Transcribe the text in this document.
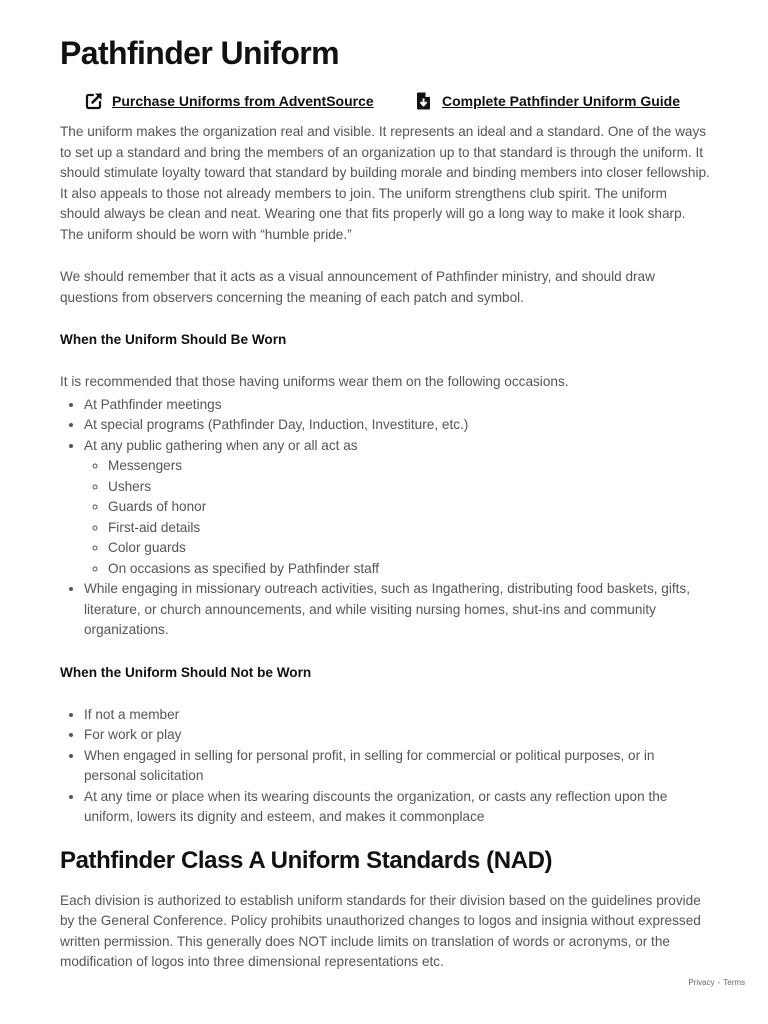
Pathfinder Uniform
Purchase Uniforms from AdventSource	Complete Pathfinder Uniform Guide

The uniform makes the organization real and visible. It represents an ideal and a standard. One of the ways to set up a standard and bring the members of an organization up to that standard is through the uniform. It should stimulate loyalty toward that standard by building morale and binding members into closer fellowship. It also appeals to those not already members to join. The uniform strengthens club spirit. The uniform should always be clean and neat. Wearing one that fits properly will go a long way to make it look sharp. The uniform should be worn with “humble pride.”

We should remember that it acts as a visual announcement of Pathfinder ministry, and should draw questions from observers concerning the meaning of each patch and symbol.

When the Uniform Should Be Worn

It is recommended that those having uniforms wear them on the following occasions.

• At Pathfinder meetings
• At special programs (Pathfinder Day, Induction, Investiture, etc.)
• At any public gathering when any or all act as
◦ Messengers
◦ Ushers
◦ Guards of honor
◦ First-aid details
◦ Color guards
◦ On occasions as specified by Pathfinder staff
• While engaging in missionary outreach activities, such as Ingathering, distributing food baskets, gifts, literature, or church announcements, and while visiting nursing homes, shut-ins and community organizations.
When the Uniform Should Not be Worn
• If not a member
• For work or play
• When engaged in selling for personal profit, in selling for commercial or political purposes, or in personal solicitation
• At any time or place when its wearing discounts the organization, or casts any reflection upon the uniform, lowers its dignity and esteem, and makes it commonplace
Pathfinder Class A Uniform Standards (NAD)

Each division is authorized to establish uniform standards for their division based on the guidelines provide by the General Conference. Policy prohibits unauthorized changes to logos and insignia without expressed written permission. This generally does NOT include limits on translation of words or acronyms, or the modification of logos into three dimensional representations etc.

Privacy - Terms
